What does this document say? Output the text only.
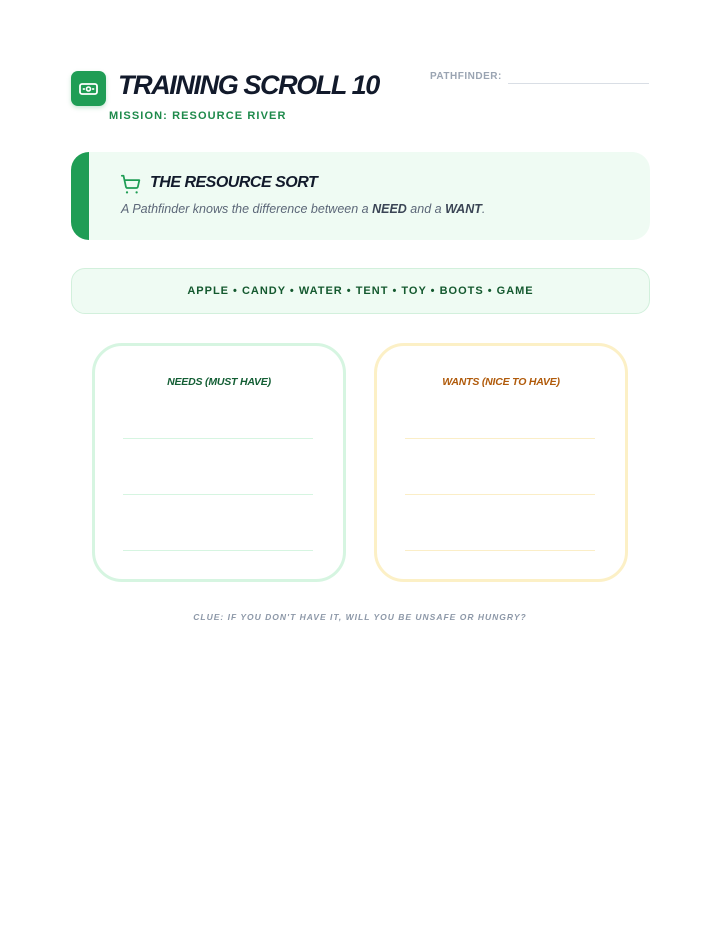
TRAINING SCROLL 10
MISSION: RESOURCE RIVER
PATHFINDER:
THE RESOURCE SORT

A Pathfinder knows the difference between a NEED and a WANT.

APPLE • CANDY • WATER • TENT • TOY • BOOTS • GAME
NEEDS (MUST HAVE)	WANTS (NICE TO HAVE)
CLUE: IF YOU DON'T HAVE IT, WILL YOU BE UNSAFE OR HUNGRY?
